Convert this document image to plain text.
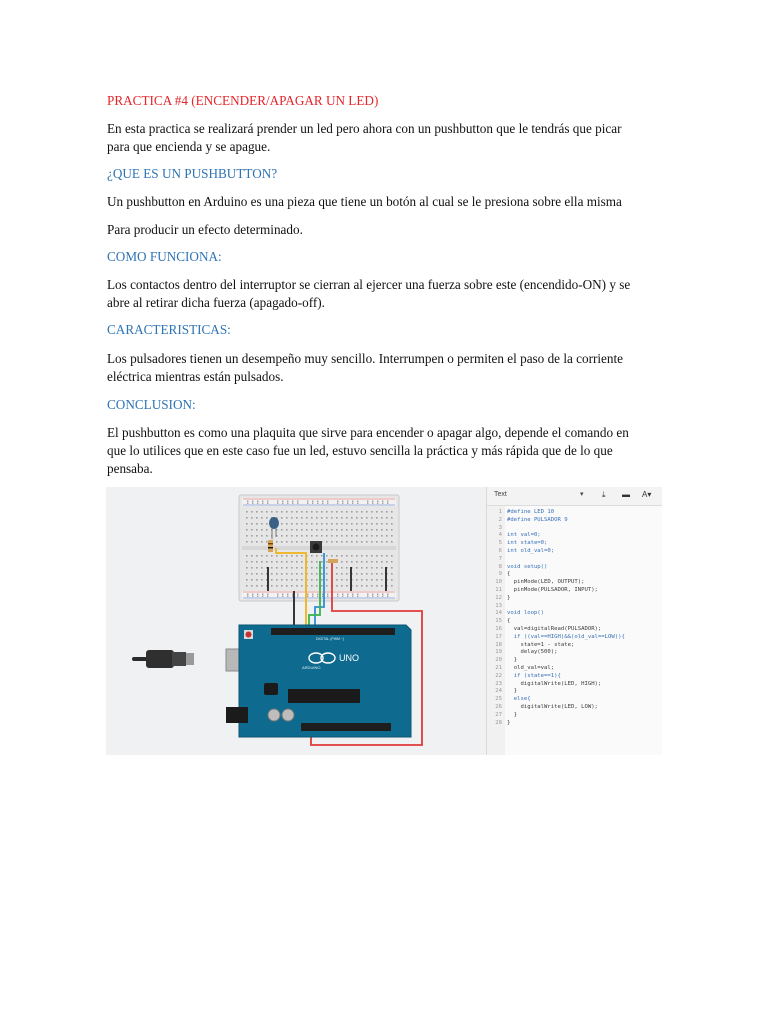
PRACTICA #4 (ENCENDER/APAGAR UN LED)

En esta practica se realizará prender un led pero ahora con un pushbutton que le tendrás que picar

para que encienda y se apague.

¿QUE ES UN PUSHBUTTON?

Un pushbutton en Arduino es una pieza que tiene un botón al cual se le presiona sobre ella misma

Para producir un efecto determinado.

COMO FUNCIONA:

Los contactos dentro del interruptor se cierran al ejercer una fuerza sobre este (encendido-ON) y se

abre al retirar dicha fuerza (apagado-off).

CARACTERISTICAS:

Los pulsadores tienen un desempeño muy sencillo. Interrumpen o permiten el paso de la corriente

eléctrica mientras están pulsados.

CONCLUSION:

El pushbutton es como una plaquita que sirve para encender o apagar algo, depende el comando en

que lo utilices que en este caso fue un led, estuvo sencilla la práctica y más rápida que de lo que

pensaba.

UNO
ARDUINO
DIGITAL (PWM ~)
Text	▾ ⤓ ▬ A▾
1 #define LED 10
2 #define PULSADOR 9
3
4 int val=0;
5 int state=0;
6 int old_val=0;
7
8 void setup()
9 {
10 pinMode(LED, OUTPUT);
11 pinMode(PULSADOR, INPUT);
12 }
13
14 void loop()
15 {
16 val=digitalRead(PULSADOR);
17 if ((val==HIGH)&&(old_val==LOW)){
18 state=1 - state;
19 delay(500);
20 }
21 old_val=val;
22 if (state==1){
23 digitalWrite(LED, HIGH);
24 }
25 else{
26 digitalWrite(LED, LOW);
27 }
28 }
